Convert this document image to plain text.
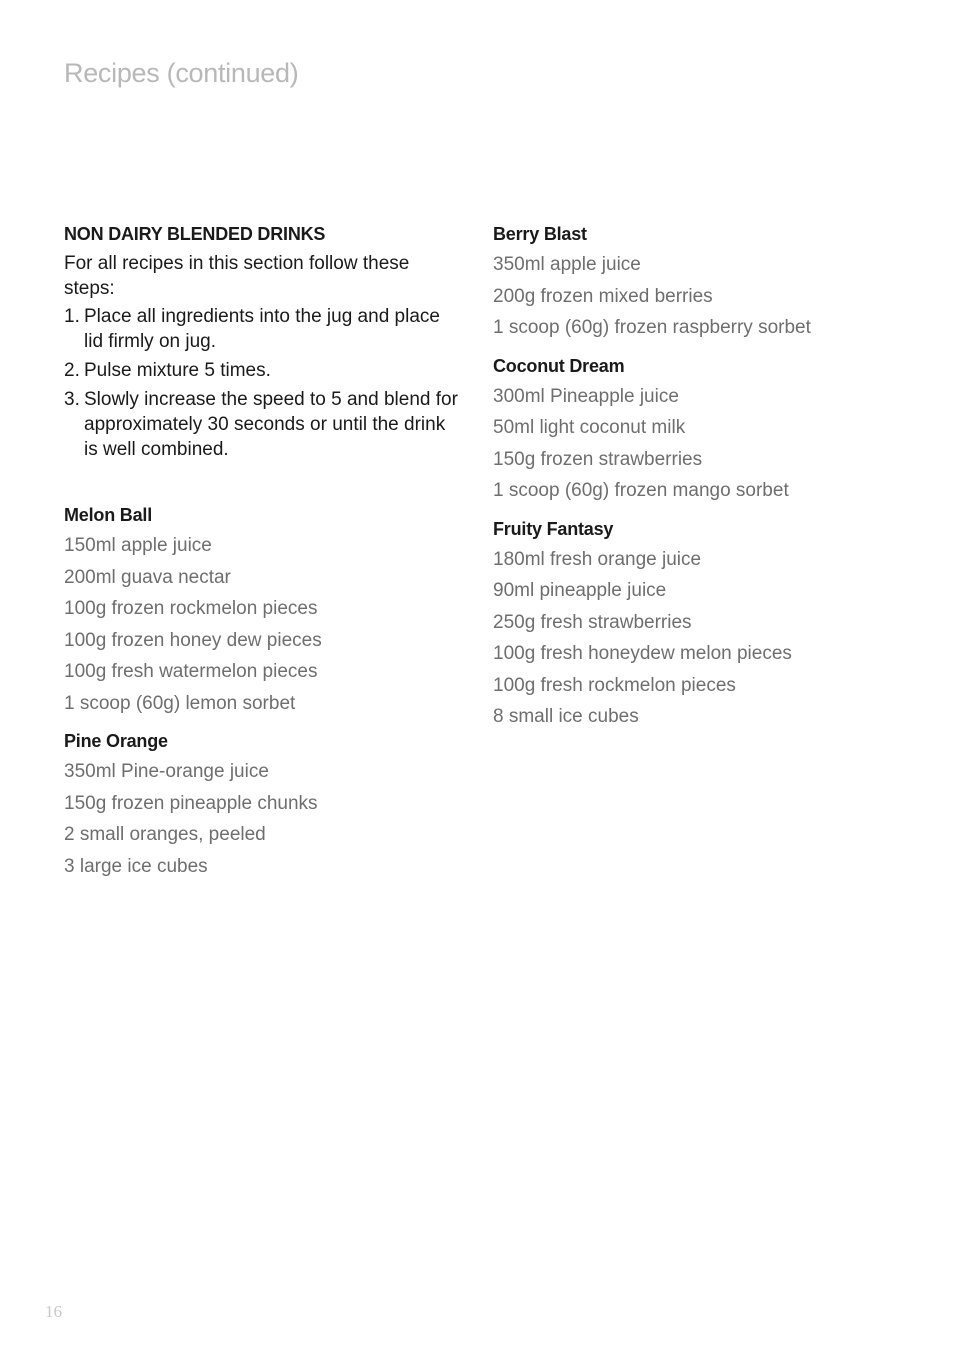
Recipes (continued)
NON DAIRY BLENDED DRINKS

For all recipes in this section follow these steps:

1. Place all ingredients into the jug and place lid firmly on jug.
2. Pulse mixture 5 times.
3. Slowly increase the speed to 5 and blend for approximately 30 seconds or until the drink is well combined.
Melon Ball
150ml apple juice
200ml guava nectar
100g frozen rockmelon pieces
100g frozen honey dew pieces
100g fresh watermelon pieces
1 scoop (60g) lemon sorbet
Pine Orange
350ml Pine-orange juice
150g frozen pineapple chunks
2 small oranges, peeled
3 large ice cubes
Berry Blast
350ml apple juice
200g frozen mixed berries
1 scoop (60g) frozen raspberry sorbet
Coconut Dream
300ml Pineapple juice
50ml light coconut milk
150g frozen strawberries
1 scoop (60g) frozen mango sorbet
Fruity Fantasy
180ml fresh orange juice
90ml pineapple juice
250g fresh strawberries
100g fresh honeydew melon pieces
100g fresh rockmelon pieces
8 small ice cubes
16
